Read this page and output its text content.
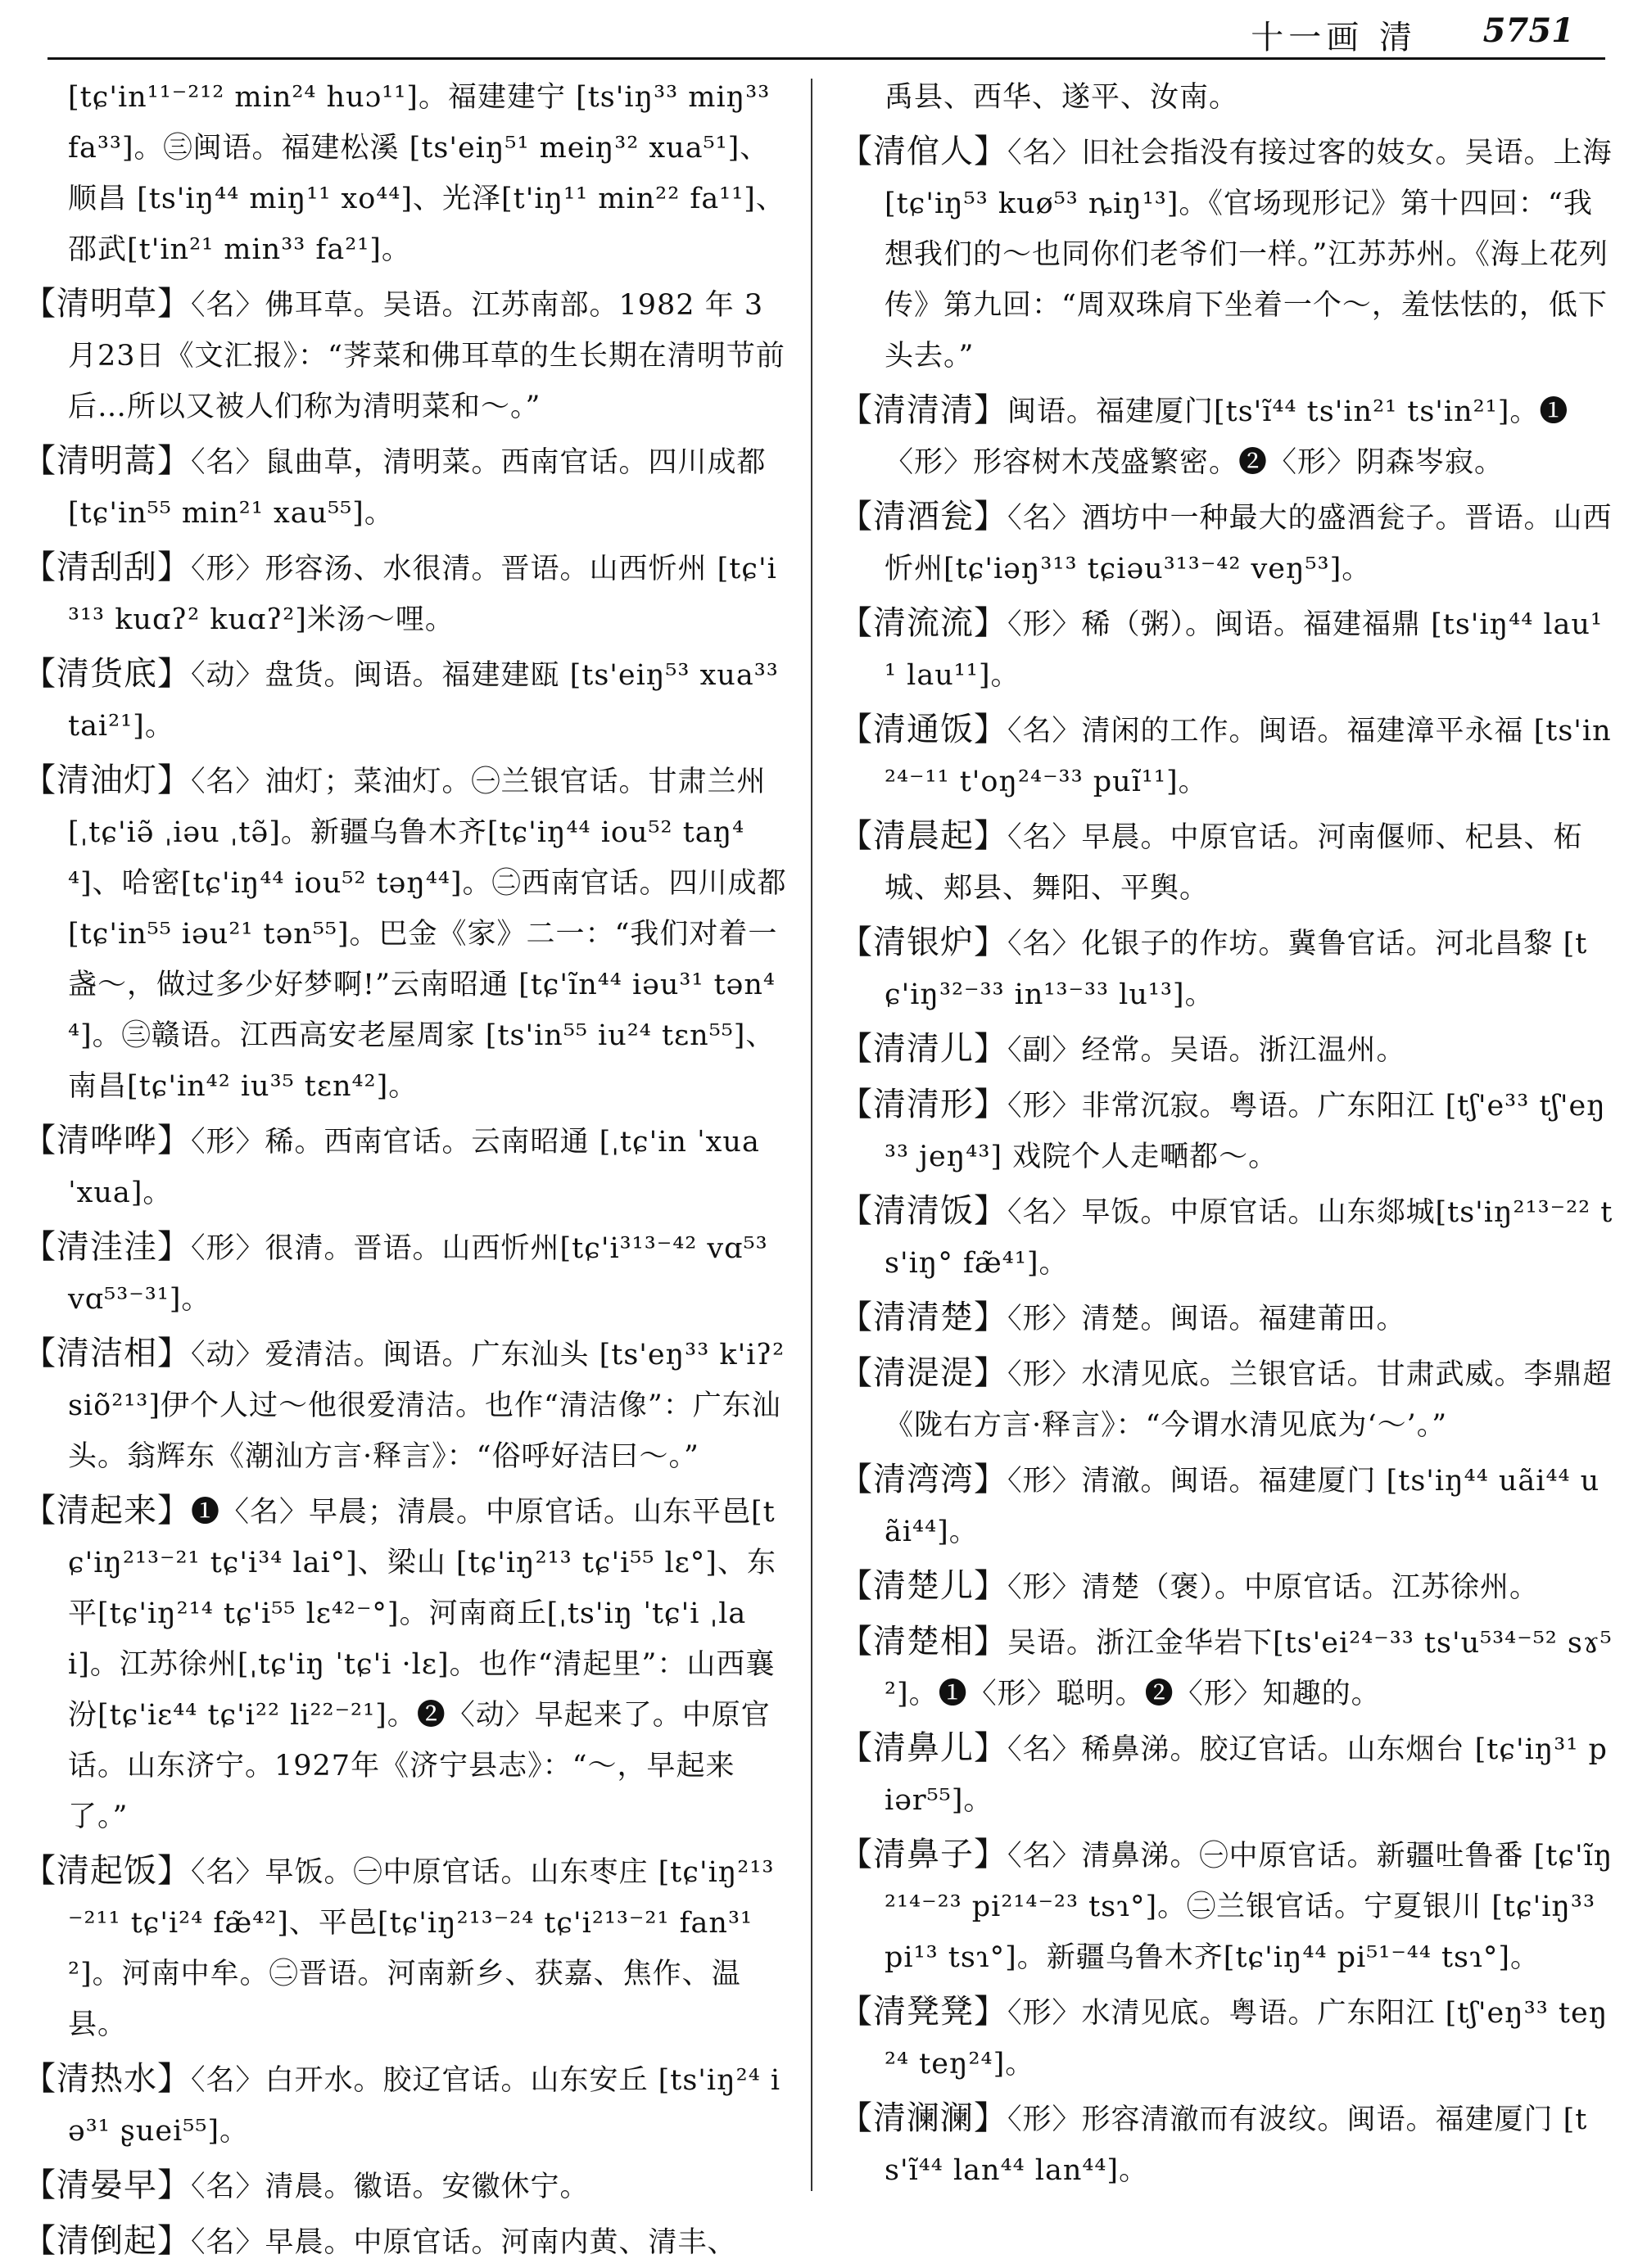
十一画 清 5751

[tɕ'in¹¹⁻²¹² min²⁴ huɔ¹¹]。福建建宁 [ts'iŋ³³ miŋ³³ fa³³]。㊂闽语。福建松溪 [ts'eiŋ⁵¹ meiŋ³² xua⁵¹]、顺昌 [ts'iŋ⁴⁴ miŋ¹¹ xo⁴⁴]、光泽[t'iŋ¹¹ min²² fa¹¹]、邵武[t'in²¹ min³³ fa²¹]。

【清明草】〈名〉佛耳草。吴语。江苏南部。1982 年 3 月23日《文汇报》：“荠菜和佛耳草的生长期在清明节前后…所以又被人们称为清明菜和～。”

【清明蒿】〈名〉鼠曲草，清明菜。西南官话。四川成都[tɕ'in⁵⁵ min²¹ xau⁵⁵]。

【清刮刮】〈形〉形容汤、水很清。晋语。山西忻州 [tɕ'i³¹³ kuɑʔ² kuɑʔ²]米汤～哩。

【清货底】〈动〉盘货。闽语。福建建瓯 [ts'eiŋ⁵³ xua³³ tai²¹]。

【清油灯】〈名〉油灯；菜油灯。㊀兰银官话。甘肃兰州[ˌtɕ'iə̃ ˌiəu ˌtə̃]。新疆乌鲁木齐[tɕ'iŋ⁴⁴ iou⁵² taŋ⁴⁴]、哈密[tɕ'iŋ⁴⁴ iou⁵² təŋ⁴⁴]。㊁西南官话。四川成都[tɕ'in⁵⁵ iəu²¹ tən⁵⁵]。巴金《家》二一：“我们对着一盏～，做过多少好梦啊!”云南昭通 [tɕ'ĩn⁴⁴ iəu³¹ tən⁴⁴]。㊂赣语。江西高安老屋周家 [ts'in⁵⁵ iu²⁴ tɛn⁵⁵]、南昌[tɕ'in⁴² iu³⁵ tɛn⁴²]。

【清哗哗】〈形〉稀。西南官话。云南昭通 [ˌtɕ'in ˈxua ˈxua]。

【清洼洼】〈形〉很清。晋语。山西忻州[tɕ'i³¹³⁻⁴² vɑ⁵³ vɑ⁵³⁻³¹]。

【清洁相】〈动〉爱清洁。闽语。广东汕头 [ts'eŋ³³ k'iʔ² siõ²¹³]伊个人过～他很爱清洁。也作“清洁像”：广东汕头。翁辉东《潮汕方言·释言》：“俗呼好洁曰～。”

【清起来】❶〈名〉早晨；清晨。中原官话。山东平邑[tɕ'iŋ²¹³⁻²¹ tɕ'i³⁴ lai°]、梁山 [tɕ'iŋ²¹³ tɕ'i⁵⁵ lɛ°]、东平[tɕ'iŋ²¹⁴ tɕ'i⁵⁵ lɛ⁴²⁻°]。河南商丘[ˌts'iŋ ˈtɕ'i ˌlai]。江苏徐州[ˌtɕ'iŋ ˈtɕ'i ·lɛ]。也作“清起里”：山西襄汾[tɕ'iɛ⁴⁴ tɕ'i²² li²²⁻²¹]。❷〈动〉早起来了。中原官话。山东济宁。1927年《济宁县志》：“～，早起来了。”

【清起饭】〈名〉早饭。㊀中原官话。山东枣庄 [tɕ'iŋ²¹³⁻²¹¹ tɕ'i²⁴ fæ̃⁴²]、平邑[tɕ'iŋ²¹³⁻²⁴ tɕ'i²¹³⁻²¹ fan³¹²]。河南中牟。㊁晋语。河南新乡、获嘉、焦作、温县。

【清热水】〈名〉白开水。胶辽官话。山东安丘 [ts'iŋ²⁴ iə³¹ ʂuei⁵⁵]。

【清晏早】〈名〉清晨。徽语。安徽休宁。

【清倒起】〈名〉早晨。中原官话。河南内黄、清丰、

禹县、西华、遂平、汝南。

【清倌人】〈名〉旧社会指没有接过客的妓女。吴语。上海 [tɕ'iŋ⁵³ kuø⁵³ ȵiŋ¹³]。《官场现形记》第十四回：“我想我们的～也同你们老爷们一样。”江苏苏州。《海上花列传》第九回：“周双珠肩下坐着一个～，羞怯怯的，低下头去。”

【清清清】闽语。福建厦门[ts'ĩ⁴⁴ ts'in²¹ ts'in²¹]。❶〈形〉形容树木茂盛繁密。❷〈形〉阴森岑寂。

【清酒瓮】〈名〉酒坊中一种最大的盛酒瓮子。晋语。山西忻州[tɕ'iəŋ³¹³ tɕiəu³¹³⁻⁴² veŋ⁵³]。

【清流流】〈形〉稀（粥）。闽语。福建福鼎 [ts'iŋ⁴⁴ lau¹¹ lau¹¹]。

【清通饭】〈名〉清闲的工作。闽语。福建漳平永福 [ts'in²⁴⁻¹¹ t'oŋ²⁴⁻³³ puĩ¹¹]。

【清晨起】〈名〉早晨。中原官话。河南偃师、杞县、柘城、郏县、舞阳、平舆。

【清银炉】〈名〉化银子的作坊。冀鲁官话。河北昌黎 [tɕ'iŋ³²⁻³³ in¹³⁻³³ lu¹³]。

【清清儿】〈副〉经常。吴语。浙江温州。

【清清形】〈形〉非常沉寂。粤语。广东阳江 [tʃ'e³³ tʃ'eŋ³³ jeŋ⁴³] 戏院个人走嗮都～。

【清清饭】〈名〉早饭。中原官话。山东郯城[ts'iŋ²¹³⁻²² ts'iŋ° fæ̃⁴¹]。

【清清楚】〈形〉清楚。闽语。福建莆田。

【清湜湜】〈形〉水清见底。兰银官话。甘肃武威。李鼎超《陇右方言·释言》：“今谓水清见底为‘～’。”

【清湾湾】〈形〉清澈。闽语。福建厦门 [ts'iŋ⁴⁴ uãi⁴⁴ uãi⁴⁴]。

【清楚儿】〈形〉清楚（褒）。中原官话。江苏徐州。

【清楚相】吴语。浙江金华岩下[ts'ei²⁴⁻³³ ts'u⁵³⁴⁻⁵² sɤ⁵²]。❶〈形〉聪明。❷〈形〉知趣的。

【清鼻儿】〈名〉稀鼻涕。胶辽官话。山东烟台 [tɕ'iŋ³¹ piər⁵⁵]。

【清鼻子】〈名〉清鼻涕。㊀中原官话。新疆吐鲁番 [tɕ'ĩŋ²¹⁴⁻²³ pi²¹⁴⁻²³ tsɿ°]。㊁兰银官话。宁夏银川 [tɕ'iŋ³³ pi¹³ tsɿ°]。新疆乌鲁木齐[tɕ'iŋ⁴⁴ pi⁵¹⁻⁴⁴ tsɿ°]。

【清凳凳】〈形〉水清见底。粤语。广东阳江 [tʃ'eŋ³³ teŋ²⁴ teŋ²⁴]。

【清澜澜】〈形〉形容清澈而有波纹。闽语。福建厦门 [ts'ĩ⁴⁴ lan⁴⁴ lan⁴⁴]。
